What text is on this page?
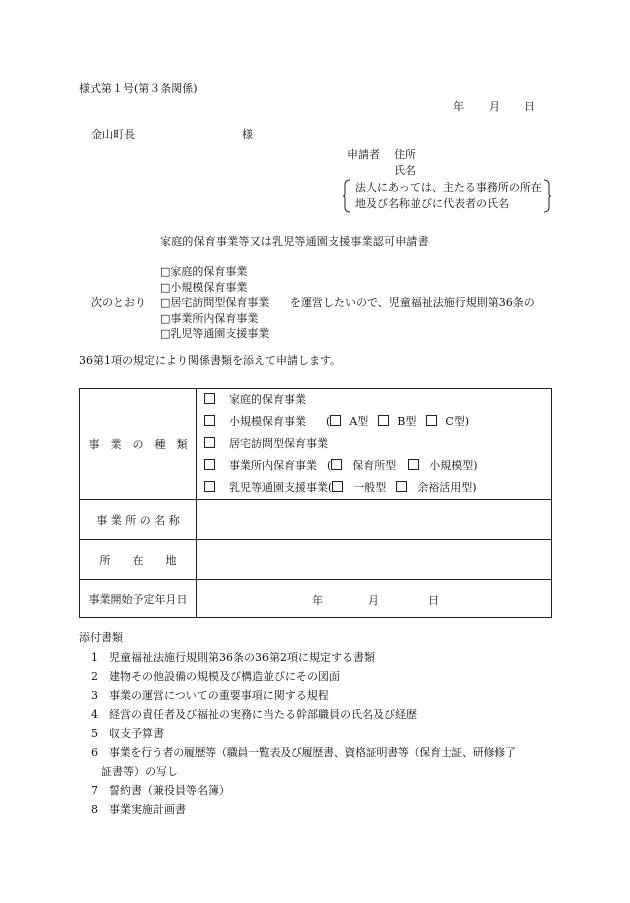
様式第１号(第３条関係)
年 月 日
金山町長	様
申請者 住所
氏名
法人にあっては、主たる事務所の所在
地及び名称並びに代表者の氏名
家庭的保育事業等又は乳児等通園支援事業認可申請書
次のとおり
□家庭的保育事業
□小規模保育事業
□居宅訪問型保育事業
□事業所内保育事業
□乳児等通園支援事業
を運営したいので、児童福祉法施行規則第36条の
36第1項の規定により関係書類を添えて申請します。
事　業　の　種　類	家庭的保育事業
小規模保育事業 ( A型 B型 C型)
居宅訪問型保育事業
事業所内保育事業 ( 保育所型 小規模型)
乳児等通園支援事業( 一般型 余裕活用型)

事 業 所 の 名 称	
所　　在　　地	
事業開始予定年月日	年 月 日
添付書類
1 児童福祉法施行規則第36条の36第2項に規定する書類
2 建物その他設備の規模及び構造並びにその図面
3 事業の運営についての重要事項に関する規程
4 経営の責任者及び福祉の実務に当たる幹部職員の氏名及び経歴
5 収支予算書
6 事業を行う者の履歴等（職員一覧表及び履歴書、資格証明書等（保育士証、研修修了
証書等）の写し
7 誓約書（兼役員等名簿）
8 事業実施計画書
